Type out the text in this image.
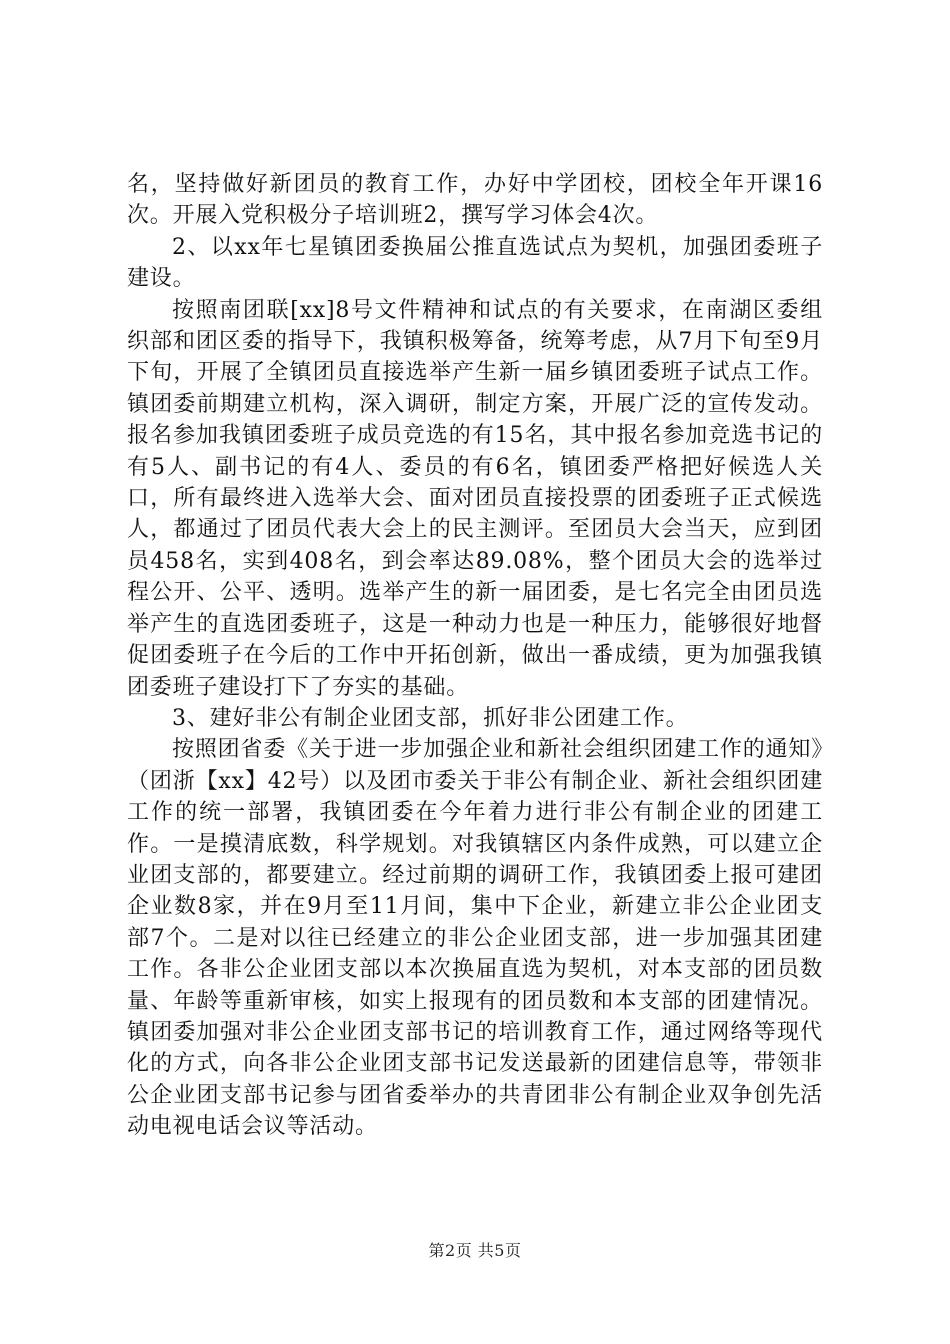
名，坚持做好新团员的教育工作，办好中学团校，团校全年开课16次。开展入党积极分子培训班2，撰写学习体会4次。

2、以xx年七星镇团委换届公推直选试点为契机，加强团委班子建设。

按照南团联[xx]8号文件精神和试点的有关要求，在南湖区委组织部和团区委的指导下，我镇积极筹备，统筹考虑，从7月下旬至9月下旬，开展了全镇团员直接选举产生新一届乡镇团委班子试点工作。镇团委前期建立机构，深入调研，制定方案，开展广泛的宣传发动。报名参加我镇团委班子成员竞选的有15名，其中报名参加竞选书记的有5人、副书记的有4人、委员的有6名，镇团委严格把好候选人关口，所有最终进入选举大会、面对团员直接投票的团委班子正式候选人，都通过了团员代表大会上的民主测评。至团员大会当天，应到团员458名，实到408名，到会率达89.08%，整个团员大会的选举过程公开、公平、透明。选举产生的新一届团委，是七名完全由团员选举产生的直选团委班子，这是一种动力也是一种压力，能够很好地督促团委班子在今后的工作中开拓创新，做出一番成绩，更为加强我镇团委班子建设打下了夯实的基础。

3、建好非公有制企业团支部，抓好非公团建工作。

按照团省委《关于进一步加强企业和新社会组织团建工作的通知》（团浙【xx】42号）以及团市委关于非公有制企业、新社会组织团建工作的统一部署，我镇团委在今年着力进行非公有制企业的团建工作。一是摸清底数，科学规划。对我镇辖区内条件成熟，可以建立企业团支部的，都要建立。经过前期的调研工作，我镇团委上报可建团企业数8家，并在9月至11月间，集中下企业，新建立非公企业团支部7个。二是对以往已经建立的非公企业团支部，进一步加强其团建工作。各非公企业团支部以本次换届直选为契机，对本支部的团员数量、年龄等重新审核，如实上报现有的团员数和本支部的团建情况。镇团委加强对非公企业团支部书记的培训教育工作，通过网络等现代化的方式，向各非公企业团支部书记发送最新的团建信息等，带领非公企业团支部书记参与团省委举办的共青团非公有制企业双争创先活动电视电话会议等活动。

第2页 共5页
